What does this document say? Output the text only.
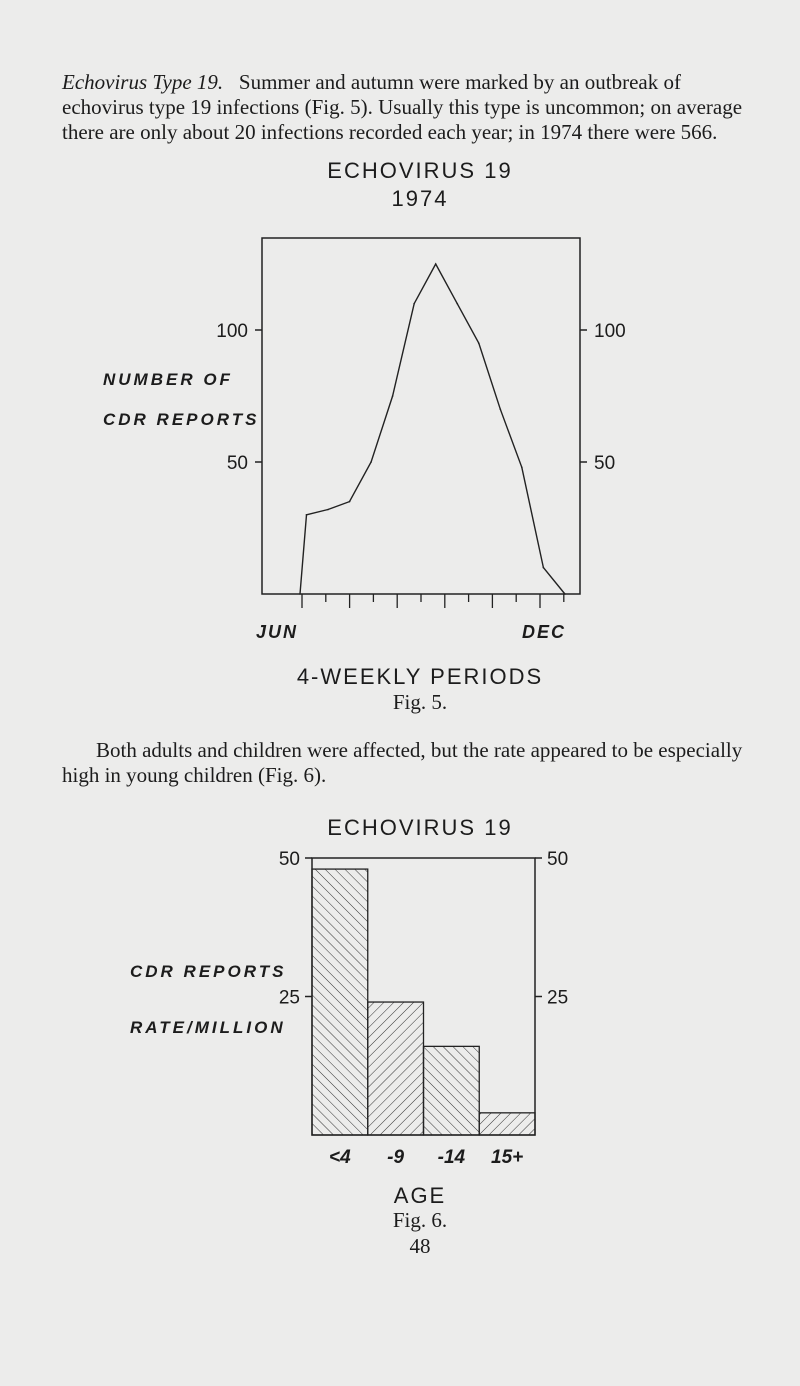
Echovirus Type 19. Summer and autumn were marked by an outbreak of

echovirus type 19 infections (Fig. 5). Usually this type is uncommon; on average

there are only about 20 infections recorded each year; in 1974 there were 566.

ECHOVIRUS 19
1974
NUMBER OF
CDR REPORTS
50	50
100	100
25	25
50	50
<4 -9 -14 15+
JUN	DEC
4-WEEKLY PERIODS
Fig. 5.

Both adults and children were affected, but the rate appeared to be especially

high in young children (Fig. 6).

ECHOVIRUS 19
CDR REPORTS
RATE/MILLION
AGE
Fig. 6.
48
